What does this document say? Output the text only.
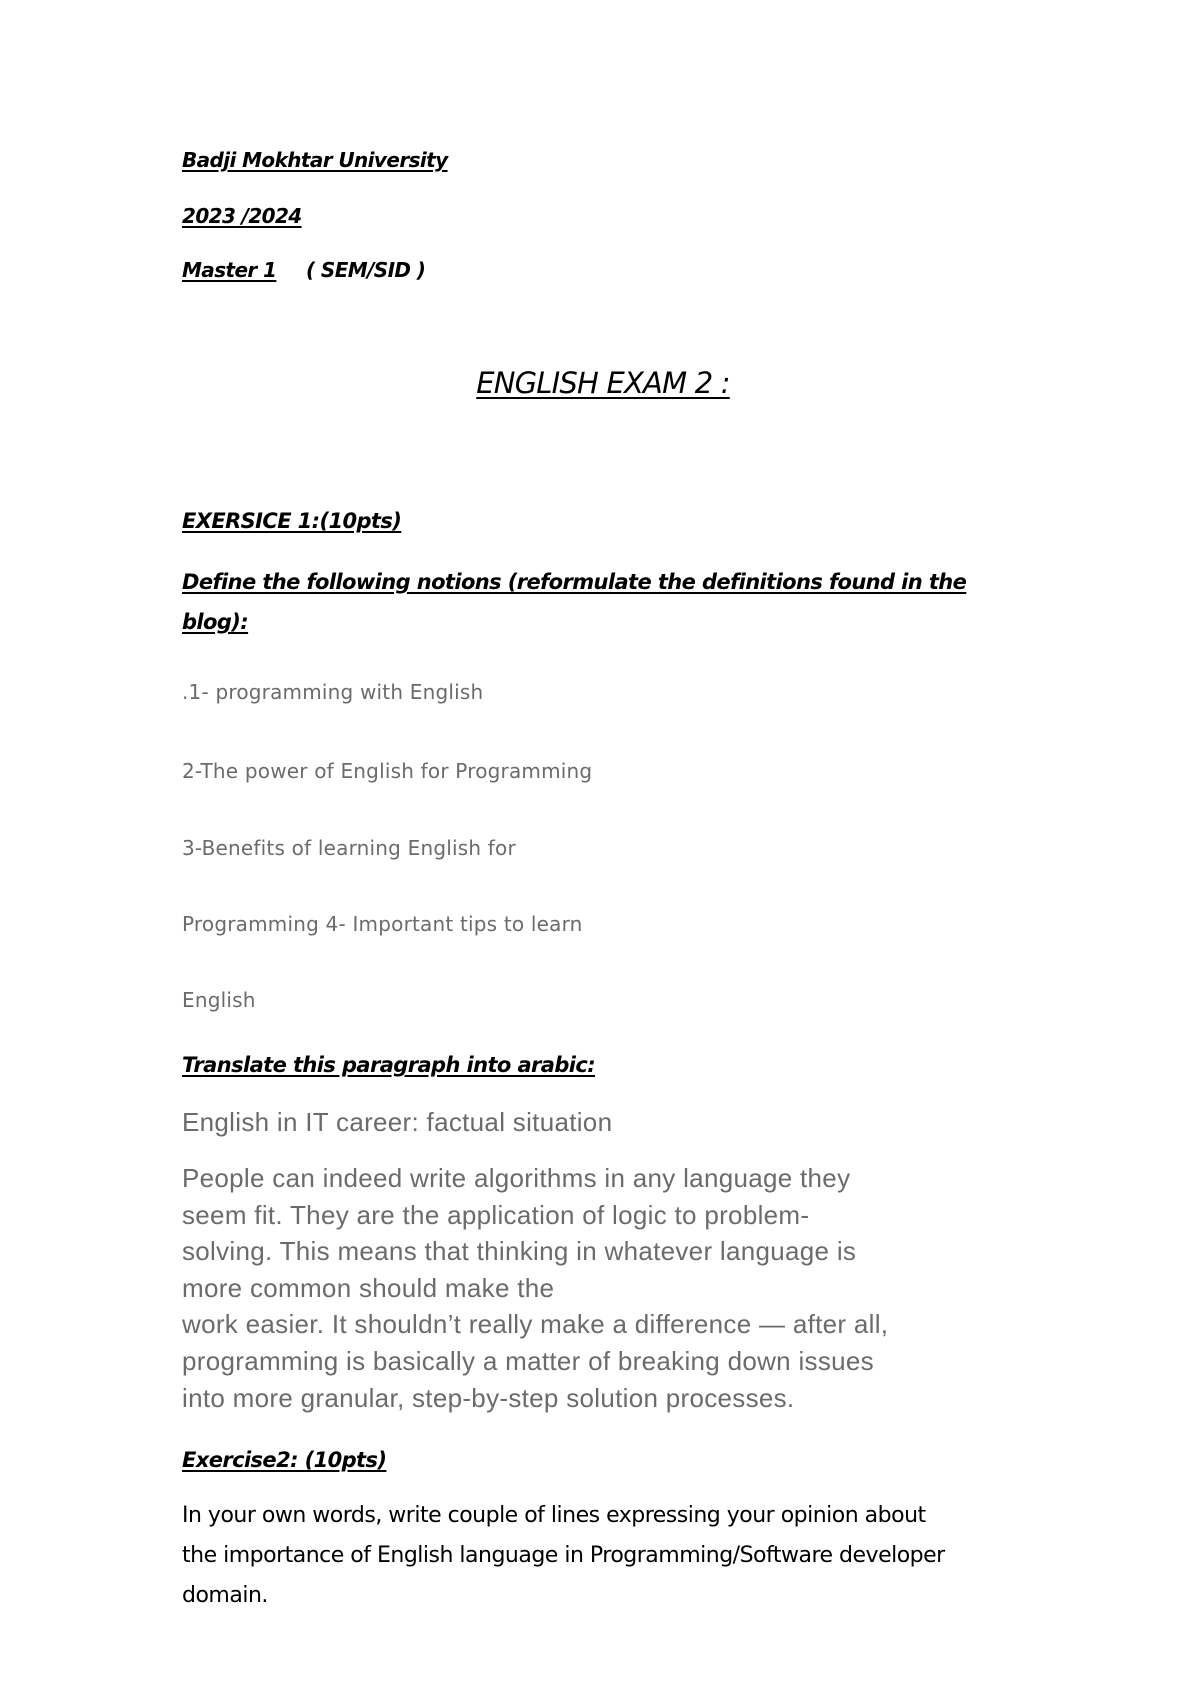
Badji Mokhtar University
2023 /2024
Master 1 ( SEM/SID )
ENGLISH EXAM 2 :
EXERSICE 1:(10pts)
Define the following notions (reformulate the definitions found in the
blog):
.1- programming with English
2-The power of English for Programming
3-Benefits of learning English for
Programming 4- Important tips to learn
English
Translate this paragraph into arabic:
English in IT career: factual situation
People can indeed write algorithms in any language they
seem fit. They are the application of logic to problem-
solving. This means that thinking in whatever language is
more common should make the
work easier. It shouldn’t really make a difference — after all,
programming is basically a matter of breaking down issues
into more granular, step-by-step solution processes.
Exercise2: (10pts)
In your own words, write couple of lines expressing your opinion about
the importance of English language in Programming/Software developer
domain.
